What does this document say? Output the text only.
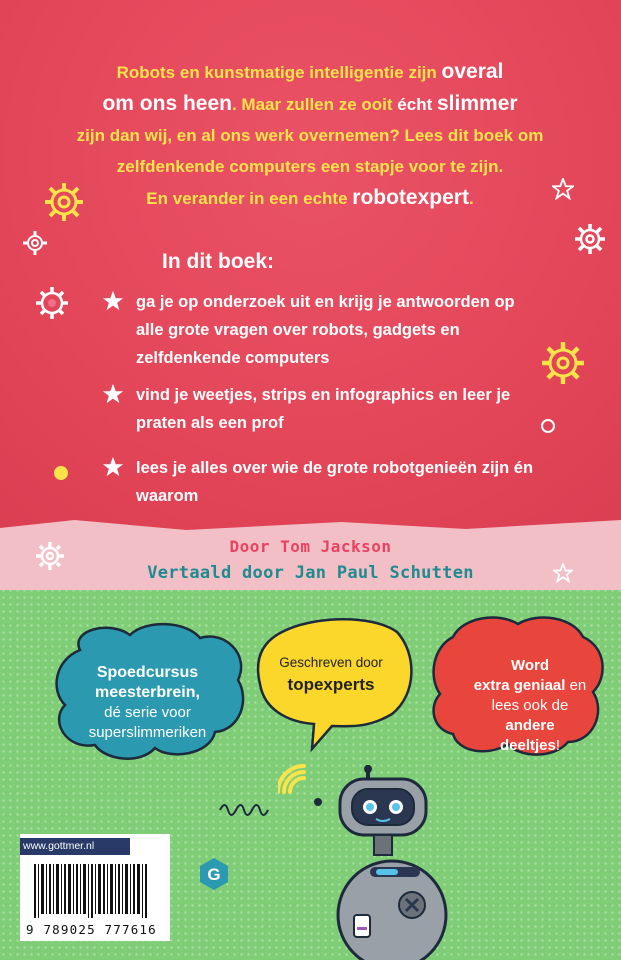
Robots en kunstmatige intelligentie zijn overal
om ons heen. Maar zullen ze ooit écht slimmer
zijn dan wij, en al ons werk overnemen? Lees dit boek om
zelfdenkende computers een stapje voor te zijn.
En verander in een echte robotexpert.
In dit boek:
ga je op onderzoek uit en krijg je antwoorden op alle grote vragen over robots, gadgets en zelfdenkende computers
vind je weetjes, strips en infographics en leer je praten als een prof
lees je alles over wie de grote robotgenieën zijn én waarom
Door Tom Jackson
Vertaald door Jan Paul Schutten
Spoedcursus
meesterbrein,
dé serie voor
superslimmeriken
Geschreven door
topexperts
Word
extra geniaal en
lees ook de andere
deeltjes!
www.gottmer.nl
9 789025 777616
G
